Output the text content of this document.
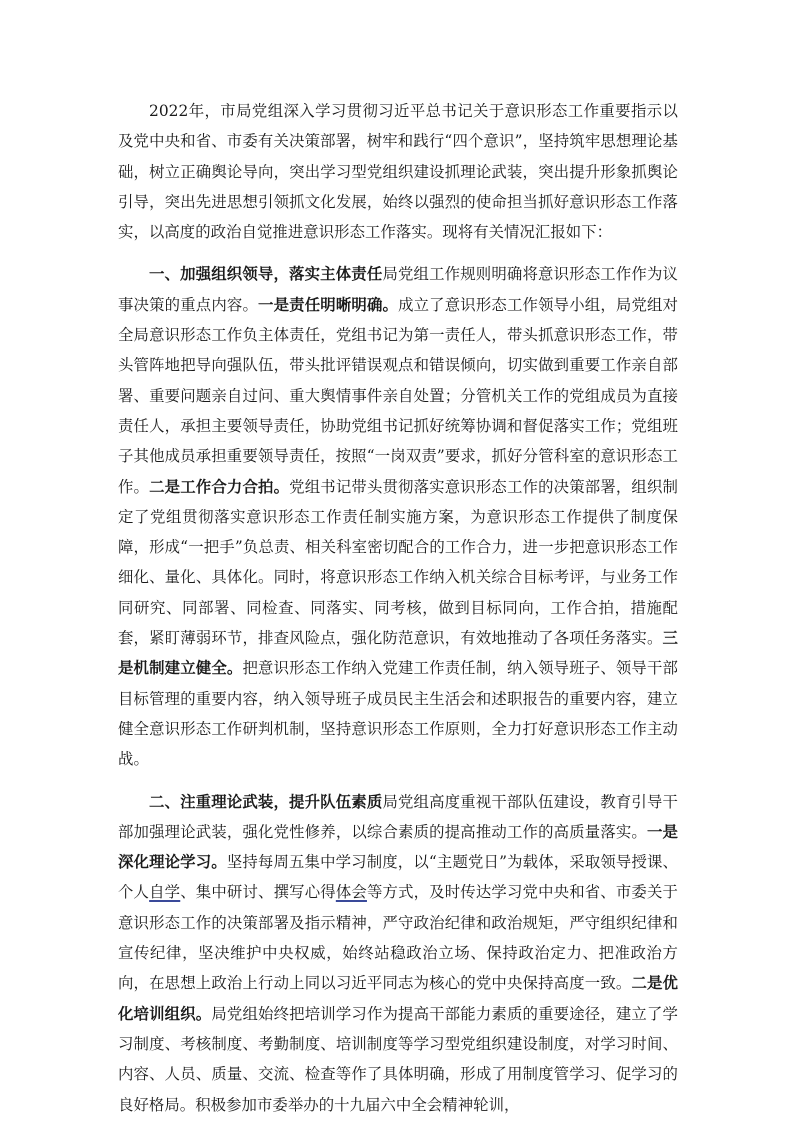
2022年，市局党组深入学习贯彻习近平总书记关于意识形态工作重要指示以及党中央和省、市委有关决策部署，树牢和践行“四个意识”，坚持筑牢思想理论基础，树立正确舆论导向，突出学习型党组织建设抓理论武装，突出提升形象抓舆论引导，突出先进思想引领抓文化发展，始终以强烈的使命担当抓好意识形态工作落实，以高度的政治自觉推进意识形态工作落实。现将有关情况汇报如下：

一、加强组织领导，落实主体责任局党组工作规则明确将意识形态工作作为议事决策的重点内容。一是责任明晰明确。成立了意识形态工作领导小组，局党组对全局意识形态工作负主体责任，党组书记为第一责任人，带头抓意识形态工作，带头管阵地把导向强队伍，带头批评错误观点和错误倾向，切实做到重要工作亲自部署、重要问题亲自过问、重大舆情事件亲自处置；分管机关工作的党组成员为直接责任人，承担主要领导责任，协助党组书记抓好统筹协调和督促落实工作；党组班子其他成员承担重要领导责任，按照“一岗双责”要求，抓好分管科室的意识形态工作。二是工作合力合拍。党组书记带头贯彻落实意识形态工作的决策部署，组织制定了党组贯彻落实意识形态工作责任制实施方案，为意识形态工作提供了制度保障，形成“一把手”负总责、相关科室密切配合的工作合力，进一步把意识形态工作细化、量化、具体化。同时，将意识形态工作纳入机关综合目标考评，与业务工作同研究、同部署、同检查、同落实、同考核，做到目标同向，工作合拍，措施配套，紧盯薄弱环节，排查风险点，强化防范意识，有效地推动了各项任务落实。三是机制建立健全。把意识形态工作纳入党建工作责任制，纳入领导班子、领导干部目标管理的重要内容，纳入领导班子成员民主生活会和述职报告的重要内容，建立健全意识形态工作研判机制，坚持意识形态工作原则，全力打好意识形态工作主动战。

二、注重理论武装，提升队伍素质局党组高度重视干部队伍建设，教育引导干部加强理论武装，强化党性修养，以综合素质的提高推动工作的高质量落实。一是深化理论学习。坚持每周五集中学习制度，以“主题党日”为载体，采取领导授课、个人自学、集中研讨、撰写心得体会等方式，及时传达学习党中央和省、市委关于意识形态工作的决策部署及指示精神，严守政治纪律和政治规矩，严守组织纪律和宣传纪律，坚决维护中央权威，始终站稳政治立场、保持政治定力、把准政治方向，在思想上政治上行动上同以习近平同志为核心的党中央保持高度一致。二是优化培训组织。局党组始终把培训学习作为提高干部能力素质的重要途径，建立了学习制度、考核制度、考勤制度、培训制度等学习型党组织建设制度，对学习时间、内容、人员、质量、交流、检查等作了具体明确，形成了用制度管学习、促学习的良好格局。积极参加市委举办的十九届六中全会精神轮训，
